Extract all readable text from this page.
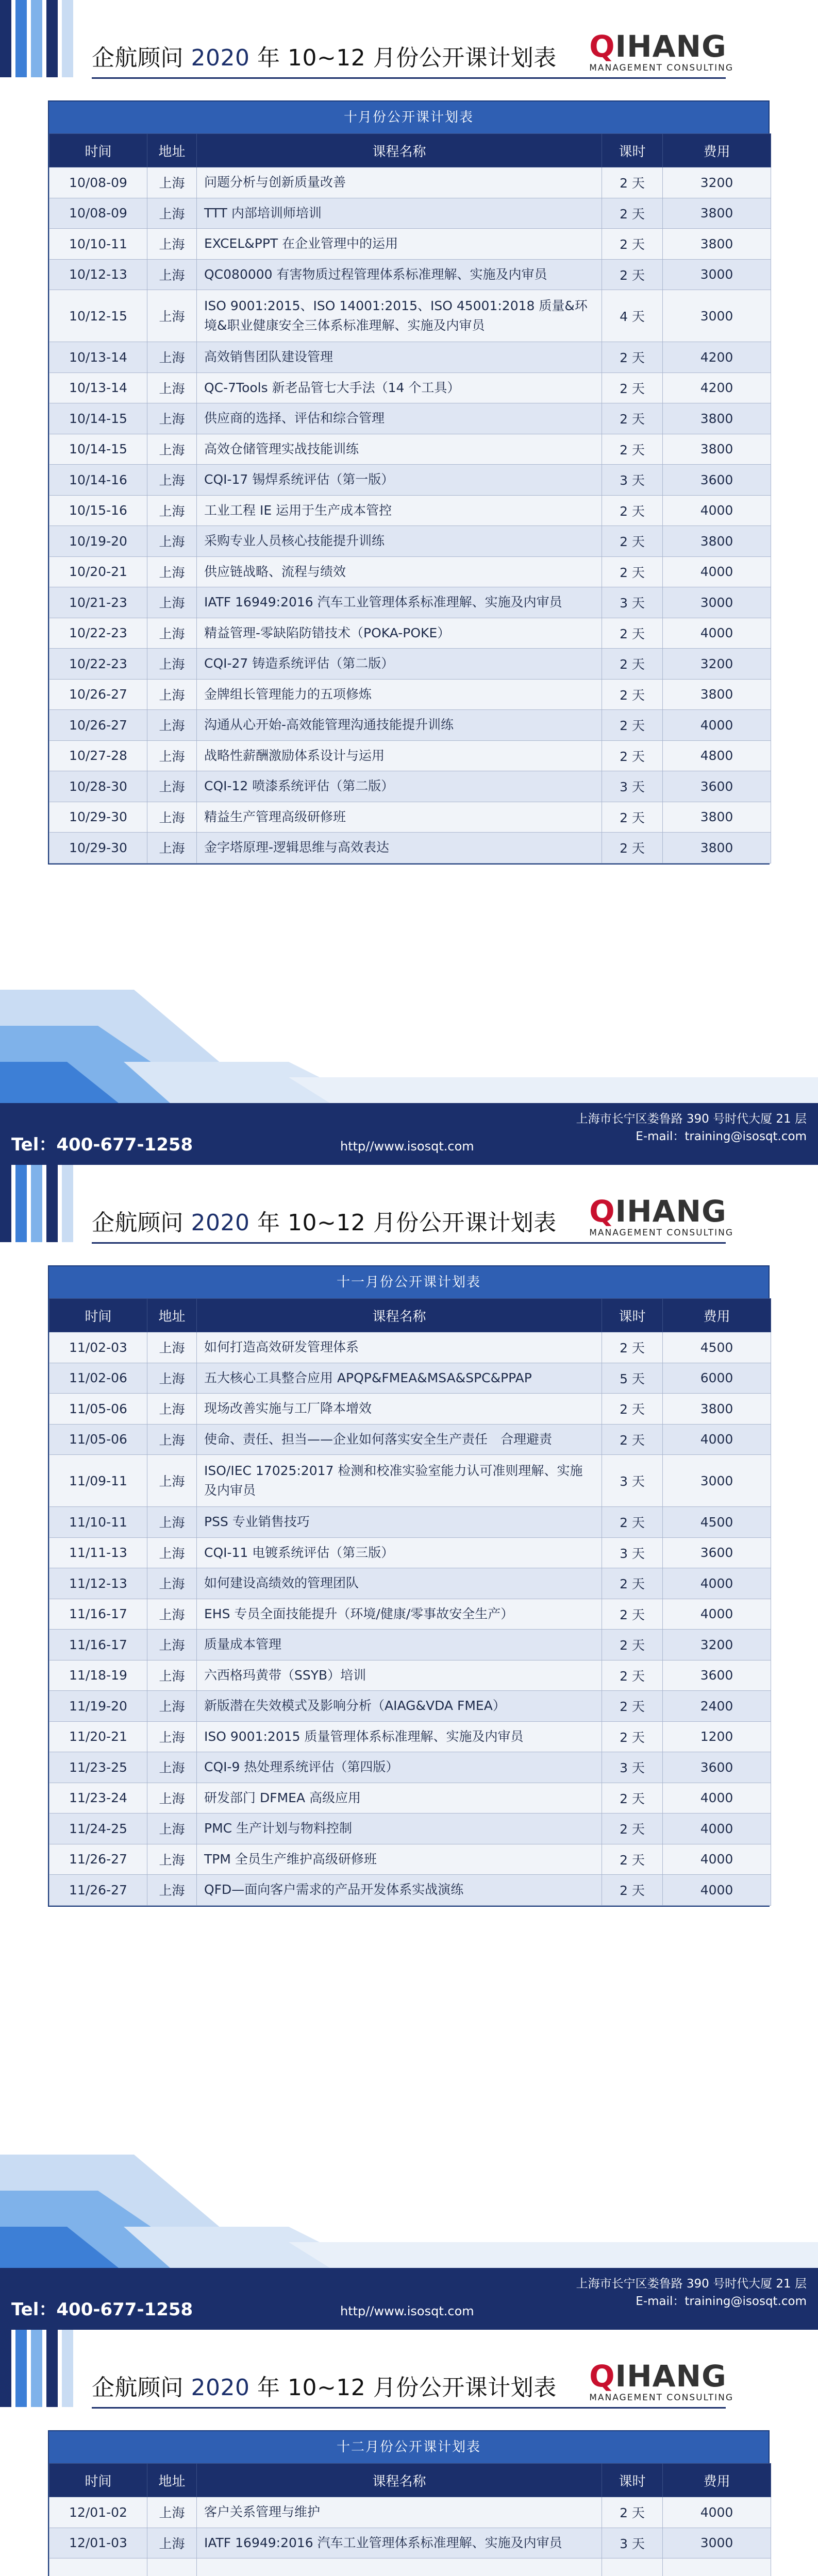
企航顾问 2020 年 10~12 月份公开课计划表 QIHANG
MANAGEMENT CONSULTING
十月份公开课计划表
时间	地址	课程名称	课时	费用
10/08-09	上海	问题分析与创新质量改善	2 天	3200
10/08-09	上海	TTT 内部培训师培训	2 天	3800
10/10-11	上海	EXCEL&PPT 在企业管理中的运用	2 天	3800
10/12-13	上海	QC080000 有害物质过程管理体系标准理解、实施及内审员	2 天	3000
10/12-15	上海	ISO 9001:2015、ISO 14001:2015、ISO 45001:2018 质量&环境&职业健康安全三体系标准理解、实施及内审员	4 天	3000
10/13-14	上海	高效销售团队建设管理	2 天	4200
10/13-14	上海	QC-7Tools 新老品管七大手法（14 个工具）	2 天	4200
10/14-15	上海	供应商的选择、评估和综合管理	2 天	3800
10/14-15	上海	高效仓储管理实战技能训练	2 天	3800
10/14-16	上海	CQI-17 锡焊系统评估（第一版）	3 天	3600
10/15-16	上海	工业工程 IE 运用于生产成本管控	2 天	4000
10/19-20	上海	采购专业人员核心技能提升训练	2 天	3800
10/20-21	上海	供应链战略、流程与绩效	2 天	4000
10/21-23	上海	IATF 16949:2016 汽车工业管理体系标准理解、实施及内审员	3 天	3000
10/22-23	上海	精益管理-零缺陷防错技术（POKA-POKE）	2 天	4000
10/22-23	上海	CQI-27 铸造系统评估（第二版）	2 天	3200
10/26-27	上海	金牌组长管理能力的五项修炼	2 天	3800
10/26-27	上海	沟通从心开始-高效能管理沟通技能提升训练	2 天	4000
10/27-28	上海	战略性薪酬激励体系设计与运用	2 天	4800
10/28-30	上海	CQI-12 喷漆系统评估（第二版）	3 天	3600
10/29-30	上海	精益生产管理高级研修班	2 天	3800
10/29-30	上海	金字塔原理-逻辑思维与高效表达	2 天	3800
Tel：400-677-1258	http//www.isosqt.com
上海市长宁区娄鲁路 390 号时代大厦 21 层
E-mail：training@isosqt.com
企航顾问 2020 年 10~12 月份公开课计划表 QIHANG
MANAGEMENT CONSULTING
十一月份公开课计划表
时间	地址	课程名称	课时	费用
11/02-03	上海	如何打造高效研发管理体系	2 天	4500
11/02-06	上海	五大核心工具整合应用 APQP&FMEA&MSA&SPC&PPAP	5 天	6000
11/05-06	上海	现场改善实施与工厂降本增效	2 天	3800
11/05-06	上海	使命、责任、担当——企业如何落实安全生产责任　合理避责	2 天	4000
11/09-11	上海	ISO/IEC 17025:2017 检测和校准实验室能力认可准则理解、实施及内审员	3 天	3000
11/10-11	上海	PSS 专业销售技巧	2 天	4500
11/11-13	上海	CQI-11 电镀系统评估（第三版）	3 天	3600
11/12-13	上海	如何建设高绩效的管理团队	2 天	4000
11/16-17	上海	EHS 专员全面技能提升（环境/健康/零事故安全生产）	2 天	4000
11/16-17	上海	质量成本管理	2 天	3200
11/18-19	上海	六西格玛黄带（SSYB）培训	2 天	3600
11/19-20	上海	新版潜在失效模式及影响分析（AIAG&VDA FMEA）	2 天	2400
11/20-21	上海	ISO 9001:2015 质量管理体系标准理解、实施及内审员	2 天	1200
11/23-25	上海	CQI-9 热处理系统评估（第四版）	3 天	3600
11/23-24	上海	研发部门 DFMEA 高级应用	2 天	4000
11/24-25	上海	PMC 生产计划与物料控制	2 天	4000
11/26-27	上海	TPM 全员生产维护高级研修班	2 天	4000
11/26-27	上海	QFD—面向客户需求的产品开发体系实战演练	2 天	4000
Tel：400-677-1258	http//www.isosqt.com
上海市长宁区娄鲁路 390 号时代大厦 21 层
E-mail：training@isosqt.com
企航顾问 2020 年 10~12 月份公开课计划表 QIHANG
MANAGEMENT CONSULTING
十二月份公开课计划表
时间	地址	课程名称	课时	费用
12/01-02	上海	客户关系管理与维护	2 天	4000
12/01-03	上海	IATF 16949:2016 汽车工业管理体系标准理解、实施及内审员	3 天	3000
